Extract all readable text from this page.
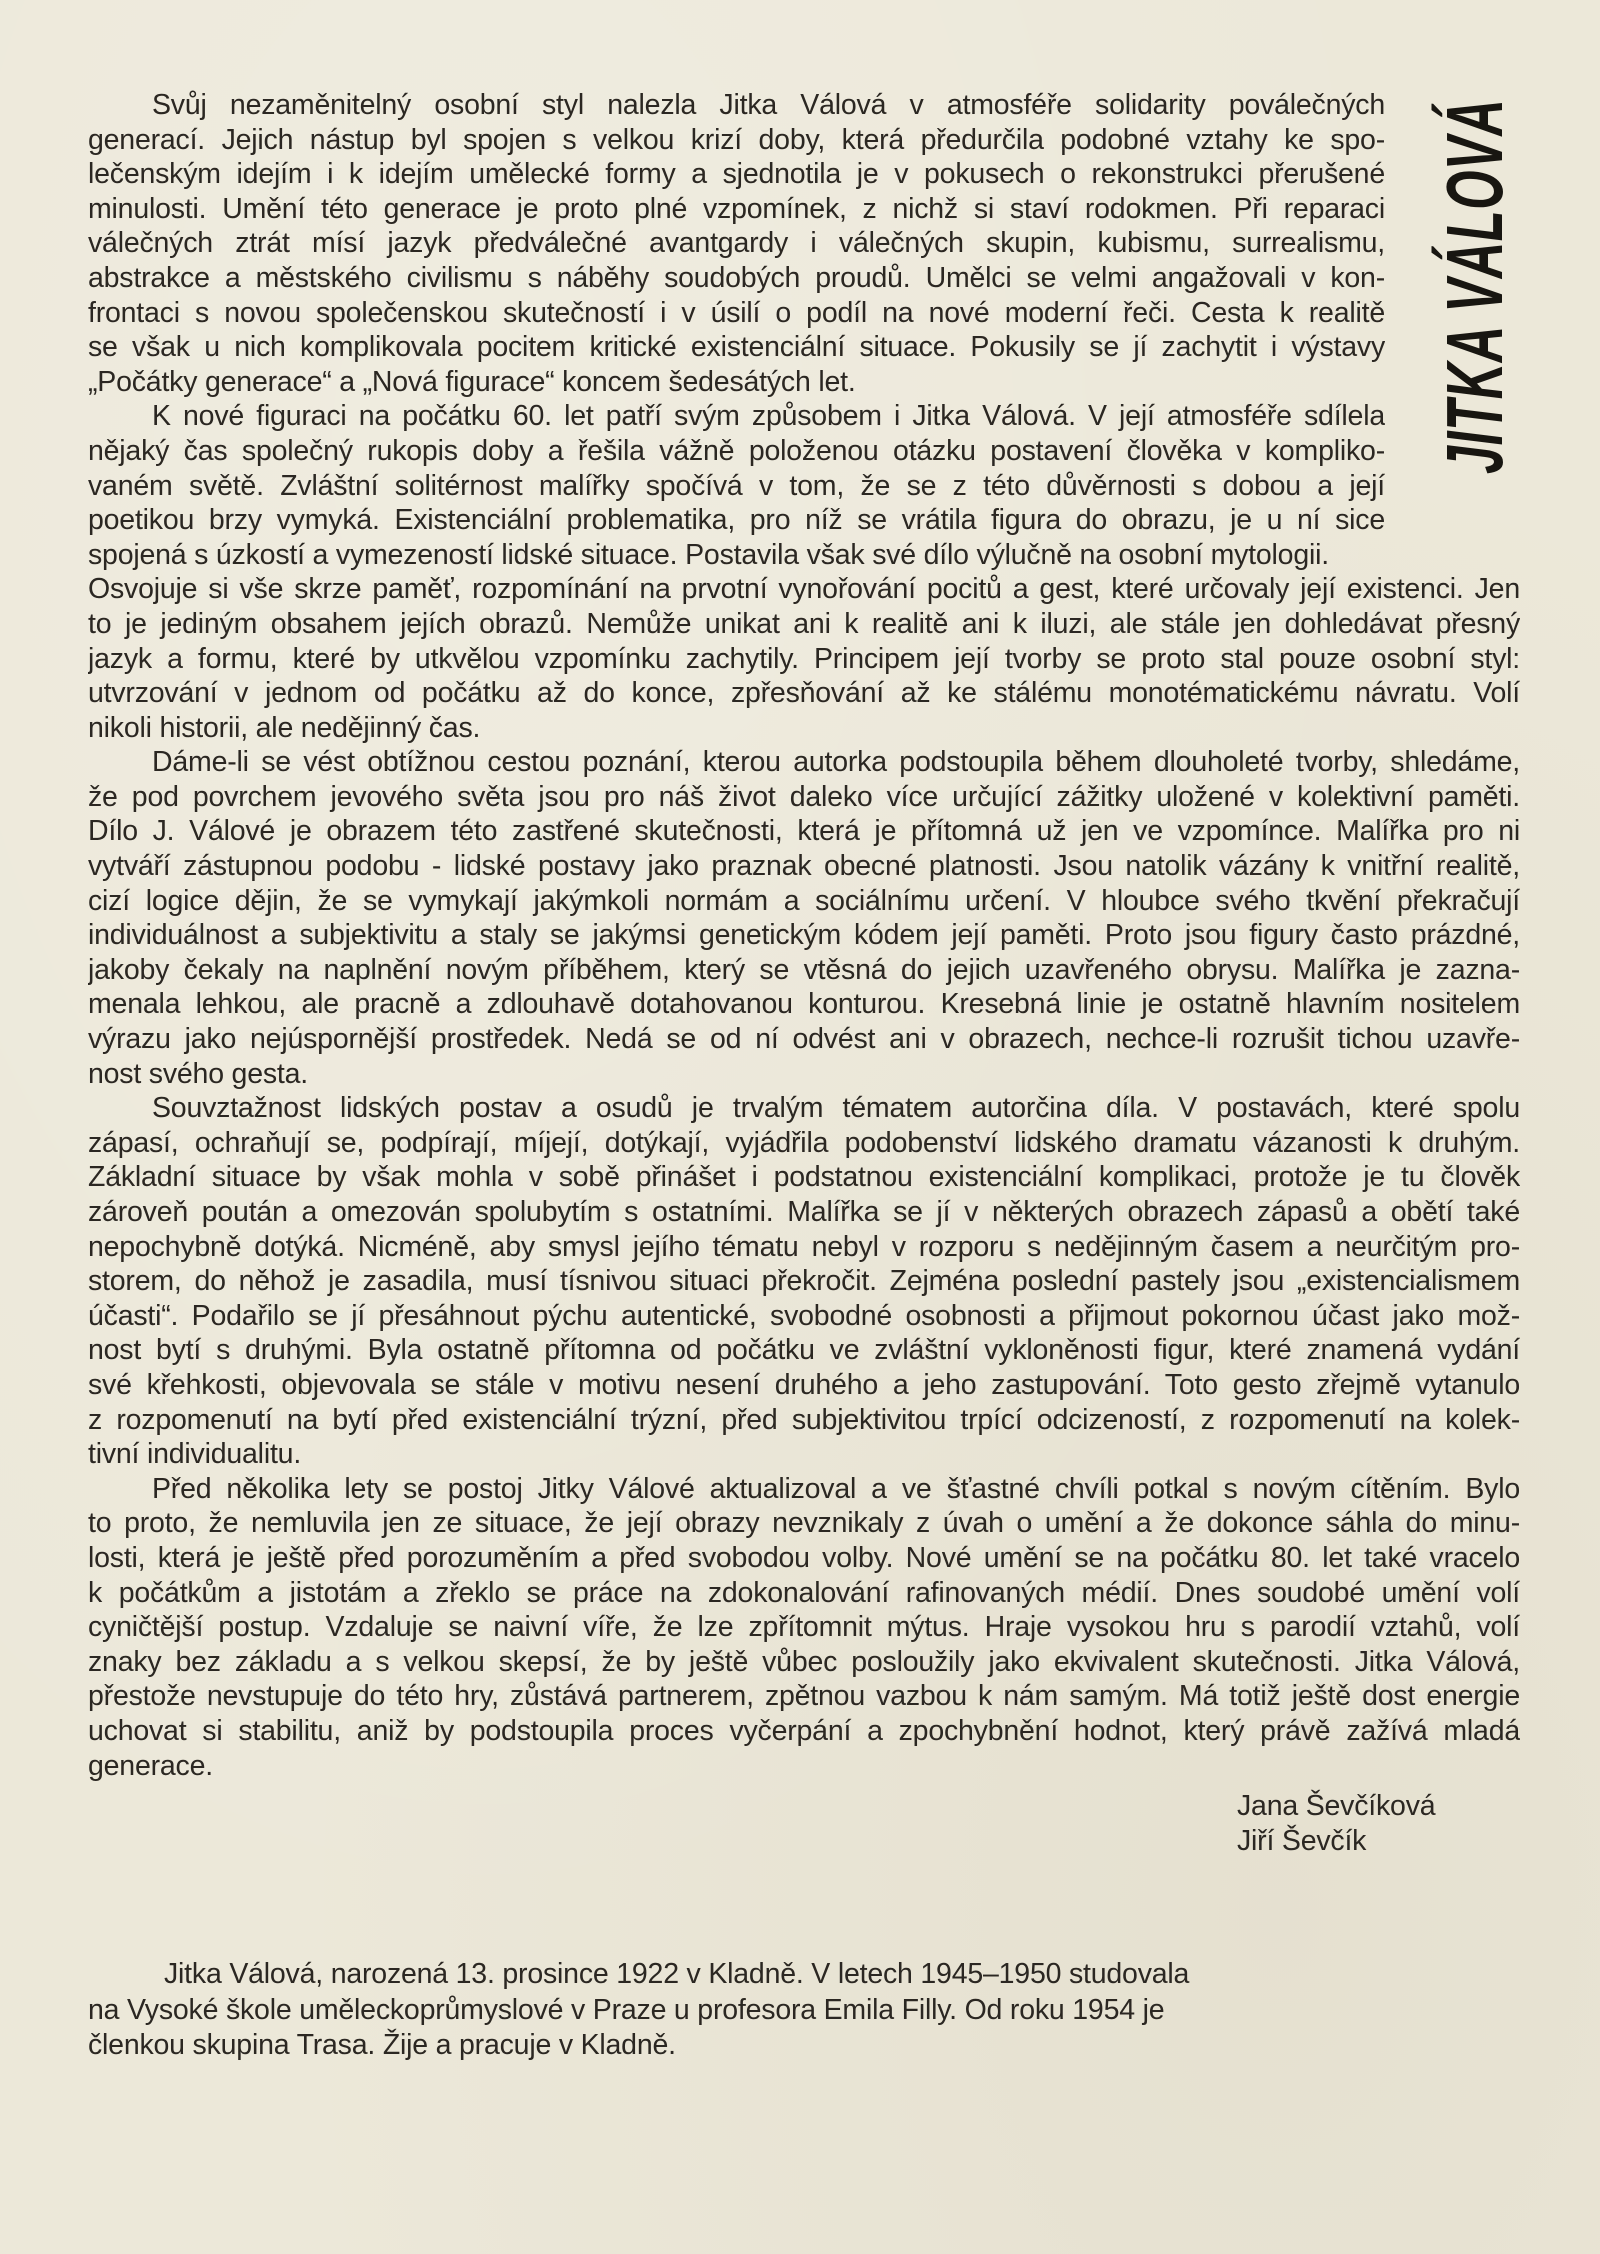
JITKA VÁLOVÁ
Svůj nezaměnitelný osobní styl nalezla Jitka Válová v atmosféře solidarity poválečných
generací. Jejich nástup byl spojen s velkou krizí doby, která předurčila podobné vztahy ke spo-
lečenským idejím i k idejím umělecké formy a sjednotila je v pokusech o rekonstrukci přerušené
minulosti. Umění této generace je proto plné vzpomínek, z nichž si staví rodokmen. Při reparaci
válečných ztrát mísí jazyk předválečné avantgardy i válečných skupin, kubismu, surrealismu,
abstrakce a městského civilismu s náběhy soudobých proudů. Umělci se velmi angažovali v kon-
frontaci s novou společenskou skutečností i v úsilí o podíl na nové moderní řeči. Cesta k realitě
se však u nich komplikovala pocitem kritické existenciální situace. Pokusily se jí zachytit i výstavy
„Počátky generace“ a „Nová figurace“ koncem šedesátých let.
K nové figuraci na počátku 60. let patří svým způsobem i Jitka Válová. V její atmosféře sdílela
nějaký čas společný rukopis doby a řešila vážně položenou otázku postavení člověka v kompliko-
vaném světě. Zvláštní solitérnost malířky spočívá v tom, že se z této důvěrnosti s dobou a její
poetikou brzy vymyká. Existenciální problematika, pro níž se vrátila figura do obrazu, je u ní sice
spojená s úzkostí a vymezeností lidské situace. Postavila však své dílo výlučně na osobní mytologii.
Osvojuje si vše skrze paměť, rozpomínání na prvotní vynořování pocitů a gest, které určovaly její existenci. Jen
to je jediným obsahem jejích obrazů. Nemůže unikat ani k realitě ani k iluzi, ale stále jen dohledávat přesný
jazyk a formu, které by utkvělou vzpomínku zachytily. Principem její tvorby se proto stal pouze osobní styl:
utvrzování v jednom od počátku až do konce, zpřesňování až ke stálému monotématickému návratu. Volí
nikoli historii, ale nedějinný čas.
Dáme-li se vést obtížnou cestou poznání, kterou autorka podstoupila během dlouholeté tvorby, shledáme,
že pod povrchem jevového světa jsou pro náš život daleko více určující zážitky uložené v kolektivní paměti.
Dílo J. Válové je obrazem této zastřené skutečnosti, která je přítomná už jen ve vzpomínce. Malířka pro ni
vytváří zástupnou podobu - lidské postavy jako praznak obecné platnosti. Jsou natolik vázány k vnitřní realitě,
cizí logice dějin, že se vymykají jakýmkoli normám a sociálnímu určení. V hloubce svého tkvění překračují
individuálnost a subjektivitu a staly se jakýmsi genetickým kódem její paměti. Proto jsou figury často prázdné,
jakoby čekaly na naplnění novým příběhem, který se vtěsná do jejich uzavřeného obrysu. Malířka je zazna-
menala lehkou, ale pracně a zdlouhavě dotahovanou konturou. Kresebná linie je ostatně hlavním nositelem
výrazu jako nejúspornější prostředek. Nedá se od ní odvést ani v obrazech, nechce-li rozrušit tichou uzavře-
nost svého gesta.
Souvztažnost lidských postav a osudů je trvalým tématem autorčina díla. V postavách, které spolu
zápasí, ochraňují se, podpírají, míjejí, dotýkají, vyjádřila podobenství lidského dramatu vázanosti k druhým.
Základní situace by však mohla v sobě přinášet i podstatnou existenciální komplikaci, protože je tu člověk
zároveň poután a omezován spolubytím s ostatními. Malířka se jí v některých obrazech zápasů a obětí také
nepochybně dotýká. Nicméně, aby smysl jejího tématu nebyl v rozporu s nedějinným časem a neurčitým pro-
storem, do něhož je zasadila, musí tísnivou situaci překročit. Zejména poslední pastely jsou „existencialismem
účasti“. Podařilo se jí přesáhnout pýchu autentické, svobodné osobnosti a přijmout pokornou účast jako mož-
nost bytí s druhými. Byla ostatně přítomna od počátku ve zvláštní vykloněnosti figur, které znamená vydání
své křehkosti, objevovala se stále v motivu nesení druhého a jeho zastupování. Toto gesto zřejmě vytanulo
z rozpomenutí na bytí před existenciální trýzní, před subjektivitou trpící odcizeností, z rozpomenutí na kolek-
tivní individualitu.
Před několika lety se postoj Jitky Válové aktualizoval a ve šťastné chvíli potkal s novým cítěním. Bylo
to proto, že nemluvila jen ze situace, že její obrazy nevznikaly z úvah o umění a že dokonce sáhla do minu-
losti, která je ještě před porozuměním a před svobodou volby. Nové umění se na počátku 80. let také vracelo
k počátkům a jistotám a zřeklo se práce na zdokonalování rafinovaných médií. Dnes soudobé umění volí
cyničtější postup. Vzdaluje se naivní víře, že lze zpřítomnit mýtus. Hraje vysokou hru s parodií vztahů, volí
znaky bez základu a s velkou skepsí, že by ještě vůbec posloužily jako ekvivalent skutečnosti. Jitka Válová,
přestože nevstupuje do této hry, zůstává partnerem, zpětnou vazbou k nám samým. Má totiž ještě dost energie
uchovat si stabilitu, aniž by podstoupila proces vyčerpání a zpochybnění hodnot, který právě zažívá mladá
generace.
Jana Ševčíková
Jiří Ševčík
Jitka Válová, narozená 13. prosince 1922 v Kladně. V letech 1945–1950 studovala
na Vysoké škole uměleckoprůmyslové v Praze u profesora Emila Filly. Od roku 1954 je
členkou skupina Trasa. Žije a pracuje v Kladně.
